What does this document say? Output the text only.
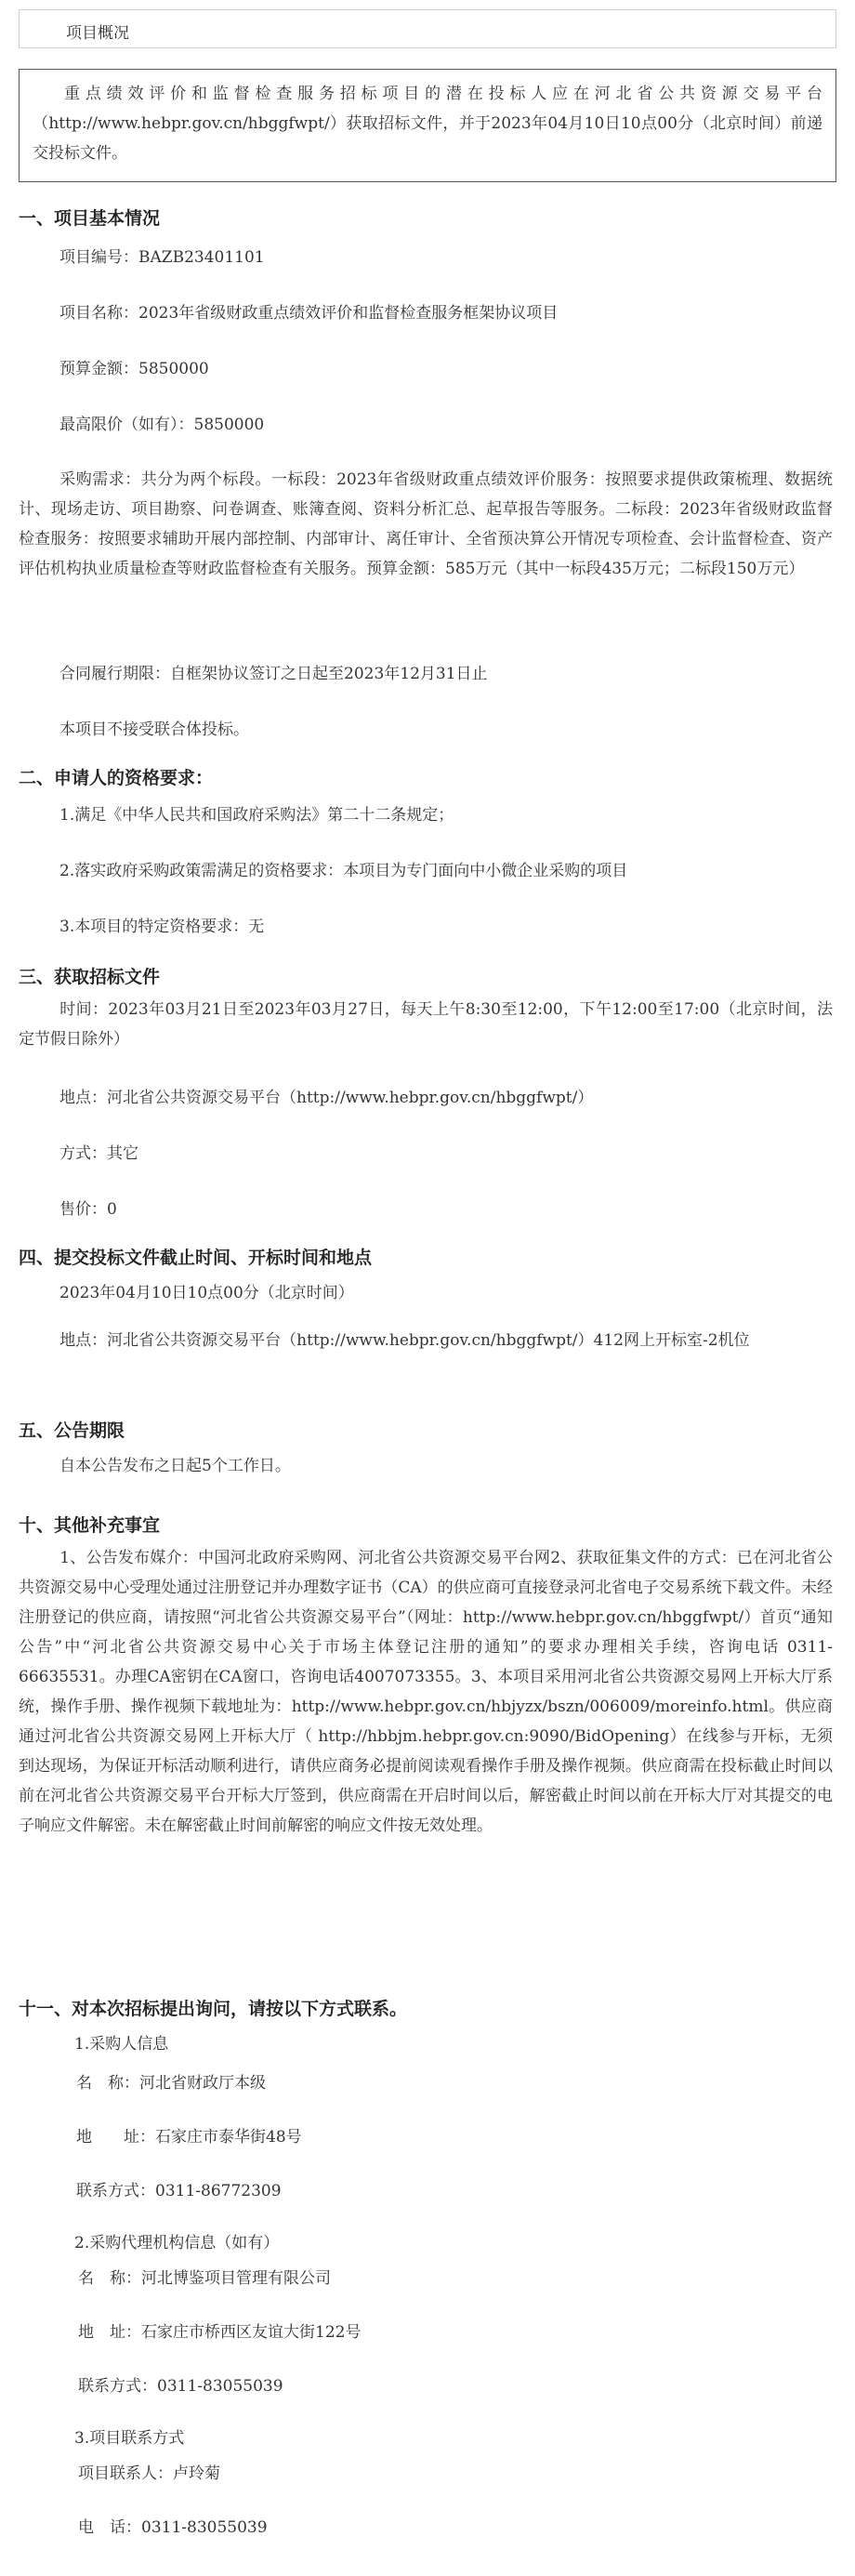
项目概况
重点绩效评价和监督检查服务招标项目的潜在投标人应在河北省公共资源交易平台（http://www.hebpr.gov.cn/hbggfwpt/）获取招标文件，并于2023年04月10日10点00分（北京时间）前递交投标文件。
一、项目基本情况
项目编号：BAZB23401101
项目名称：2023年省级财政重点绩效评价和监督检查服务框架协议项目
预算金额：5850000
最高限价（如有）：5850000
采购需求：共分为两个标段。一标段：2023年省级财政重点绩效评价服务：按照要求提供政策梳理、数据统计、现场走访、项目勘察、问卷调查、账簿查阅、资料分析汇总、起草报告等服务。二标段：2023年省级财政监督检查服务：按照要求辅助开展内部控制、内部审计、离任审计、全省预决算公开情况专项检查、会计监督检查、资产评估机构执业质量检查等财政监督检查有关服务。预算金额：585万元（其中一标段435万元；二标段150万元）
合同履行期限：自框架协议签订之日起至2023年12月31日止
本项目不接受联合体投标。
二、申请人的资格要求：
1.满足《中华人民共和国政府采购法》第二十二条规定；
2.落实政府采购政策需满足的资格要求：本项目为专门面向中小微企业采购的项目
3.本项目的特定资格要求：无
三、获取招标文件
时间：2023年03月21日至2023年03月27日，每天上午8:30至12:00，下午12:00至17:00（北京时间，法定节假日除外）
地点：河北省公共资源交易平台（http://www.hebpr.gov.cn/hbggfwpt/）
方式：其它
售价：0
四、提交投标文件截止时间、开标时间和地点
2023年04月10日10点00分（北京时间）
地点：河北省公共资源交易平台（http://www.hebpr.gov.cn/hbggfwpt/）412网上开标室-2机位
五、公告期限
自本公告发布之日起5个工作日。
十、其他补充事宜
1、公告发布媒介：中国河北政府采购网、河北省公共资源交易平台网2、获取征集文件的方式：已在河北省公共资源交易中心受理处通过注册登记并办理数字证书（CA）的供应商可直接登录河北省电子交易系统下载文件。未经注册登记的供应商，请按照“河北省公共资源交易平台”（网址：http://www.hebpr.gov.cn/hbggfwpt/）首页“通知公告”中“河北省公共资源交易中心关于市场主体登记注册的通知”的要求办理相关手续，咨询电话 0311-66635531。办理CA密钥在CA窗口，咨询电话4007073355。3、本项目采用河北省公共资源交易网上开标大厅系统，操作手册、操作视频下载地址为：http://www.hebpr.gov.cn/hbjyzx/bszn/006009/moreinfo.html。供应商通过河北省公共资源交易网上开标大厅（ http://hbbjm.hebpr.gov.cn:9090/BidOpening）在线参与开标，无须到达现场，为保证开标活动顺利进行，请供应商务必提前阅读观看操作手册及操作视频。供应商需在投标截止时间以前在河北省公共资源交易平台开标大厅签到，供应商需在开启时间以后，解密截止时间以前在开标大厅对其提交的电子响应文件解密。未在解密截止时间前解密的响应文件按无效处理。
十一、对本次招标提出询问，请按以下方式联系。
1.采购人信息
名　称：河北省财政厅本级
地　　址：石家庄市泰华街48号
联系方式：0311-86772309
2.采购代理机构信息（如有）
名　称：河北博鉴项目管理有限公司
地　址：石家庄市桥西区友谊大街122号
联系方式：0311-83055039
3.项目联系方式
项目联系人：卢玲菊
电　话：0311-83055039
